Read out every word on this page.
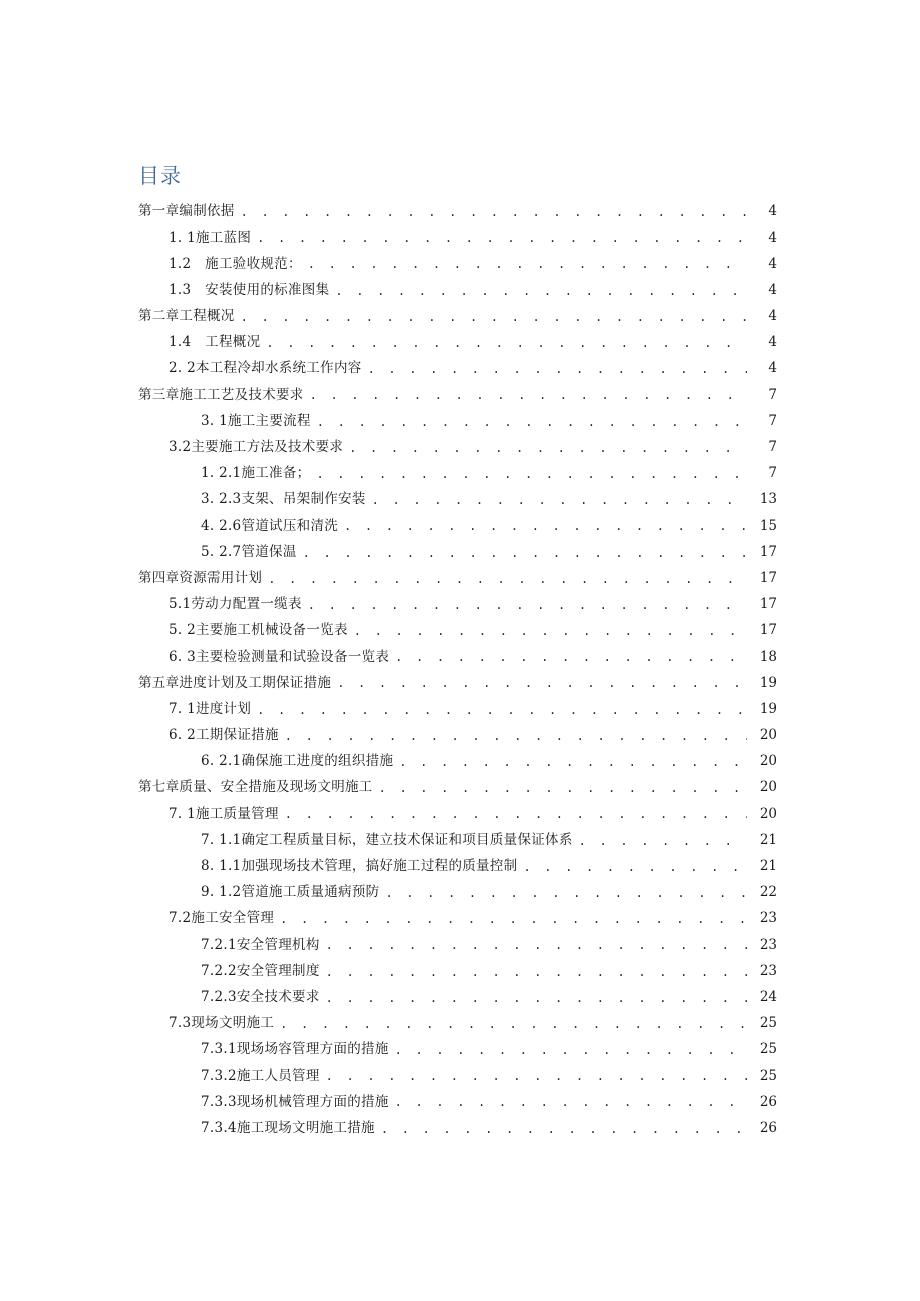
目录
第一章编制依据 . . .	4
1. 1施工蓝图 . . .	4
1.2　施工验收规范： . . .	4
1.3　安装使用的标准图集 . . .	4
第二章工程概况 . . .	4
1.4　工程概况 . . .	4
2. 2本工程冷却水系统工作内容 . . .	4
第三章施工工艺及技术要求 . . .	7
3. 1施工主要流程 . . .	7
3.2主要施工方法及技术要求 . . .	7
1. 2.1施工准备； . . .	7
3. 2.3支架、吊架制作安装 . . .	13
4. 2.6管道试压和清洗 . . .	15
5. 2.7管道保温 . . .	17
第四章资源需用计划 . . .	17
5.1劳动力配置一缆表 . . .	17
5. 2主要施工机械设备一览表 . . .	17
6. 3主要检验测量和试验设备一览表 . . .	18
第五章进度计划及工期保证措施 . . .	19
7. 1进度计划 . . .	19
6. 2工期保证措施 . . .	20
6. 2.1确保施工进度的组织措施 . . .	20
第七章质量、安全措施及现场文明施工 . . .	20
7. 1施工质量管理 . . .	20
7. 1.1确定工程质量目标，建立技术保证和项目质量保证体系 . . .	21
8. 1.1加强现场技术管理，搞好施工过程的质量控制 . . .	21
9. 1.2管道施工质量通病预防 . . .	22
7.2施工安全管理 . . .	23
7.2.1安全管理机构 . . .	23
7.2.2安全管理制度 . . .	23
7.2.3安全技术要求 . . .	24
7.3现场文明施工 . . .	25
7.3.1现场场容管理方面的措施 . . .	25
7.3.2施工人员管理 . . .	25
7.3.3现场机械管理方面的措施 . . .	26
7.3.4施工现场文明施工措施 . . .	26
